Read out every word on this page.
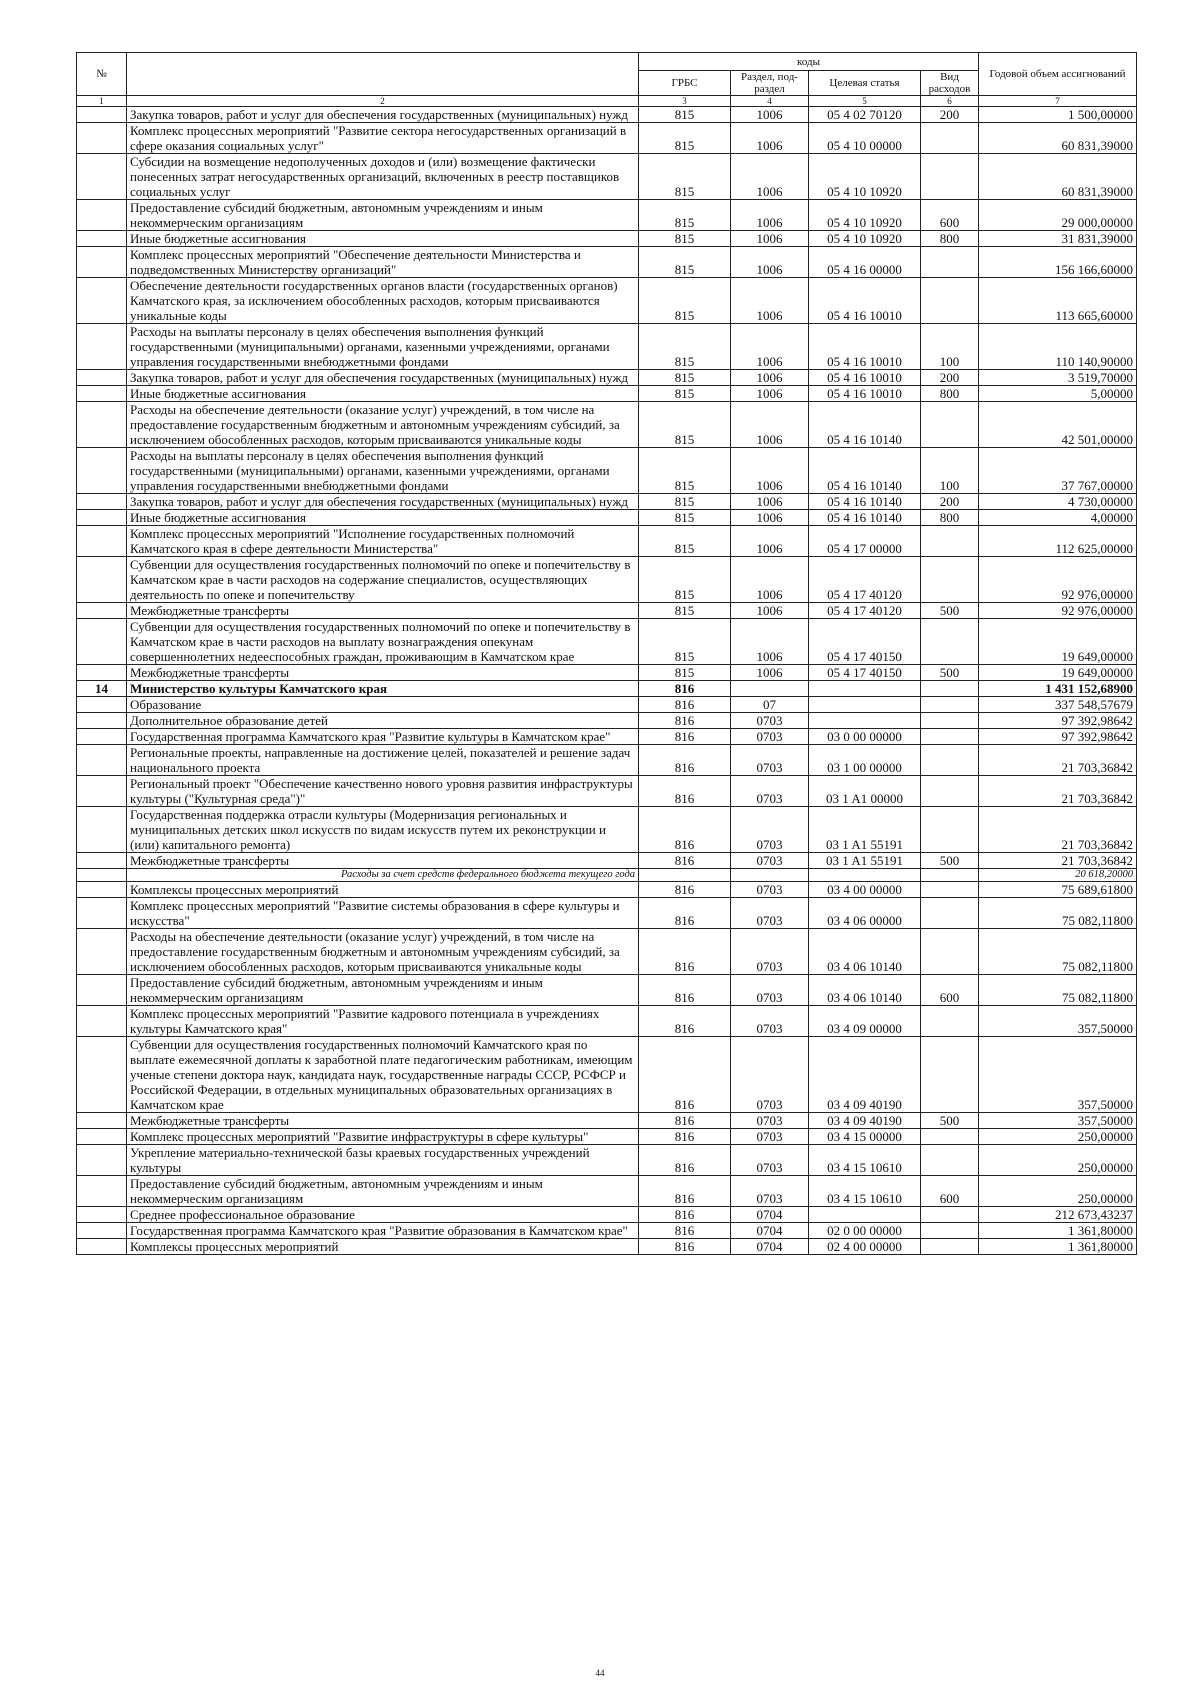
№		коды				Годовой объем ассигнований
		ГРБС	Раздел, под-раздел	Целевая статья	Вид расходов	
1	2	3	4	5	6	7
	Закупка товаров, работ и услуг для обеспечения государственных (муниципальных) нужд	815	1006	05 4 02 70120	200	1 500,00000
	Комплекс процессных мероприятий "Развитие сектора негосударственных организаций в сфере оказания социальных услуг"	815	1006	05 4 10 00000		60 831,39000
	Субсидии на возмещение недополученных доходов и (или) возмещение фактически понесенных затрат негосударственных организаций, включенных в реестр поставщиков социальных услуг	815	1006	05 4 10 10920		60 831,39000
	Предоставление субсидий бюджетным, автономным учреждениям и иным некоммерческим организациям	815	1006	05 4 10 10920	600	29 000,00000
	Иные бюджетные ассигнования	815	1006	05 4 10 10920	800	31 831,39000
	Комплекс процессных мероприятий "Обеспечение деятельности Министерства и подведомственных Министерству организаций"	815	1006	05 4 16 00000		156 166,60000
	Обеспечение деятельности государственных органов власти (государственных органов) Камчатского края, за исключением обособленных расходов, которым присваиваются уникальные коды	815	1006	05 4 16 10010		113 665,60000
	Расходы на выплаты персоналу в целях обеспечения выполнения функций государственными (муниципальными) органами, казенными учреждениями, органами управления государственными внебюджетными фондами	815	1006	05 4 16 10010	100	110 140,90000
	Закупка товаров, работ и услуг для обеспечения государственных (муниципальных) нужд	815	1006	05 4 16 10010	200	3 519,70000
	Иные бюджетные ассигнования	815	1006	05 4 16 10010	800	5,00000
	Расходы на обеспечение деятельности (оказание услуг) учреждений, в том числе на предоставление государственным бюджетным и автономным учреждениям субсидий, за исключением обособленных расходов, которым присваиваются уникальные коды	815	1006	05 4 16 10140		42 501,00000
	Расходы на выплаты персоналу в целях обеспечения выполнения функций государственными (муниципальными) органами, казенными учреждениями, органами управления государственными внебюджетными фондами	815	1006	05 4 16 10140	100	37 767,00000
	Закупка товаров, работ и услуг для обеспечения государственных (муниципальных) нужд	815	1006	05 4 16 10140	200	4 730,00000
	Иные бюджетные ассигнования	815	1006	05 4 16 10140	800	4,00000
	Комплекс процессных мероприятий "Исполнение государственных полномочий Камчатского края в сфере деятельности Министерства"	815	1006	05 4 17 00000		112 625,00000
	Субвенции для осуществления государственных полномочий по опеке и попечительству в Камчатском крае в части расходов на содержание специалистов, осуществляющих деятельность по опеке и попечительству	815	1006	05 4 17 40120		92 976,00000
	Межбюджетные трансферты	815	1006	05 4 17 40120	500	92 976,00000
	Субвенции для осуществления государственных полномочий по опеке и попечительству в Камчатском крае в части расходов на выплату вознаграждения опекунам совершеннолетних недееспособных граждан, проживающим в Камчатском крае	815	1006	05 4 17 40150		19 649,00000
	Межбюджетные трансферты	815	1006	05 4 17 40150	500	19 649,00000
14	Министерство культуры Камчатского края	816				1 431 152,68900
	Образование	816	07			337 548,57679
	Дополнительное образование детей	816	0703			97 392,98642
	Государственная программа Камчатского края "Развитие культуры в Камчатском крае"	816	0703	03 0 00 00000		97 392,98642
	Региональные проекты, направленные на достижение целей, показателей и решение задач национального проекта	816	0703	03 1 00 00000		21 703,36842
	Региональный проект "Обеспечение качественно нового уровня развития инфраструктуры культуры ("Культурная среда")"	816	0703	03 1 A1 00000		21 703,36842
	Государственная поддержка отрасли культуры (Модернизация региональных и муниципальных детских школ искусств по видам искусств путем их реконструкции и (или) капитального ремонта)	816	0703	03 1 A1 55191		21 703,36842
	Межбюджетные трансферты	816	0703	03 1 A1 55191	500	21 703,36842
	Расходы за счет средств федерального бюджета текущего года					20 618,20000
	Комплексы процессных мероприятий	816	0703	03 4 00 00000		75 689,61800
	Комплекс процессных мероприятий "Развитие системы образования в сфере культуры и искусства"	816	0703	03 4 06 00000		75 082,11800
	Расходы на обеспечение деятельности (оказание услуг) учреждений, в том числе на предоставление государственным бюджетным и автономным учреждениям субсидий, за исключением обособленных расходов, которым присваиваются уникальные коды	816	0703	03 4 06 10140		75 082,11800
	Предоставление субсидий бюджетным, автономным учреждениям и иным некоммерческим организациям	816	0703	03 4 06 10140	600	75 082,11800
	Комплекс процессных мероприятий "Развитие кадрового потенциала в учреждениях культуры Камчатского края"	816	0703	03 4 09 00000		357,50000
	Субвенции для осуществления государственных полномочий Камчатского края по выплате ежемесячной доплаты к заработной плате педагогическим работникам, имеющим ученые степени доктора наук, кандидата наук, государственные награды СССР, РСФСР и Российской Федерации, в отдельных муниципальных образовательных организациях в Камчатском крае	816	0703	03 4 09 40190		357,50000
	Межбюджетные трансферты	816	0703	03 4 09 40190	500	357,50000
	Комплекс процессных мероприятий "Развитие инфраструктуры в сфере культуры"	816	0703	03 4 15 00000		250,00000
	Укрепление материально-технической базы краевых государственных учреждений культуры	816	0703	03 4 15 10610		250,00000
	Предоставление субсидий бюджетным, автономным учреждениям и иным некоммерческим организациям	816	0703	03 4 15 10610	600	250,00000
	Среднее профессиональное образование	816	0704			212 673,43237
	Государственная программа Камчатского края "Развитие образования в Камчатском крае"	816	0704	02 0 00 00000		1 361,80000
	Комплексы процессных мероприятий	816	0704	02 4 00 00000		1 361,80000
44
